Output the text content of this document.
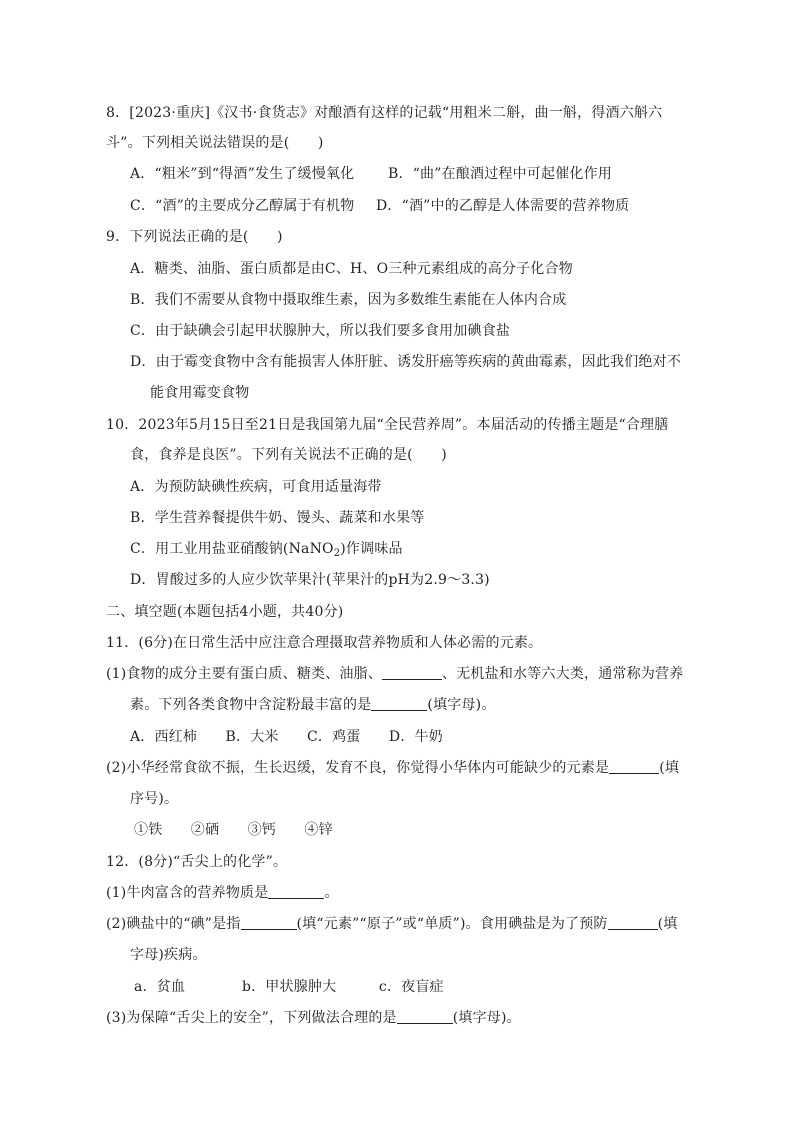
8．[2023·重庆]《汉书·食货志》对酿酒有这样的记载“用粗米二斛，曲一斛，得酒六斛六
斗”。下列相关说法错误的是(　　)
A．“粗米”到“得酒”发生了缓慢氧化 B．“曲”在酿酒过程中可起催化作用
C．“酒”的主要成分乙醇属于有机物 D．“酒”中的乙醇是人体需要的营养物质
9．下列说法正确的是(　　)
A．糖类、油脂、蛋白质都是由C、H、O三种元素组成的高分子化合物
B．我们不需要从食物中摄取维生素，因为多数维生素能在人体内合成
C．由于缺碘会引起甲状腺肿大，所以我们要多食用加碘食盐
D．由于霉变食物中含有能损害人体肝脏、诱发肝癌等疾病的黄曲霉素，因此我们绝对不
能食用霉变食物
10．2023年5月15日至21日是我国第九届“全民营养周”。本届活动的传播主题是“合理膳
食，食养是良医”。下列有关说法不正确的是(　　)
A．为预防缺碘性疾病，可食用适量海带
B．学生营养餐提供牛奶、馒头、蔬菜和水果等
C．用工业用盐亚硝酸钠(NaNO$_2$)作调味品
D．胃酸过多的人应少饮苹果汁(苹果汁的pH为2.9～3.3)
二、填空题(本题包括4小题，共40分)
11．(6分)在日常生活中应注意合理摄取营养物质和人体必需的元素。
(1)食物的成分主要有蛋白质、糖类、油脂、	、无机盐和水等六大类，通常称为营养
素。下列各类食物中含淀粉最丰富的是	(填字母)。
A．西红柿　　B．大米　　C．鸡蛋　　D．牛奶
(2)小华经常食欲不振，生长迟缓，发育不良，你觉得小华体内可能缺少的元素是	(填
序号)。
①铁　　②硒　　③钙　　④锌
12．(8分)“舌尖上的化学”。
(1)牛肉富含的营养物质是	。
(2)碘盐中的“碘”是指	(填“元素”“原子”或“单质”)。食用碘盐是为了预防	(填
字母)疾病。
a．贫血　　　　b．甲状腺肿大　　　c．夜盲症
(3)为保障“舌尖上的安全”，下列做法合理的是	(填字母)。
